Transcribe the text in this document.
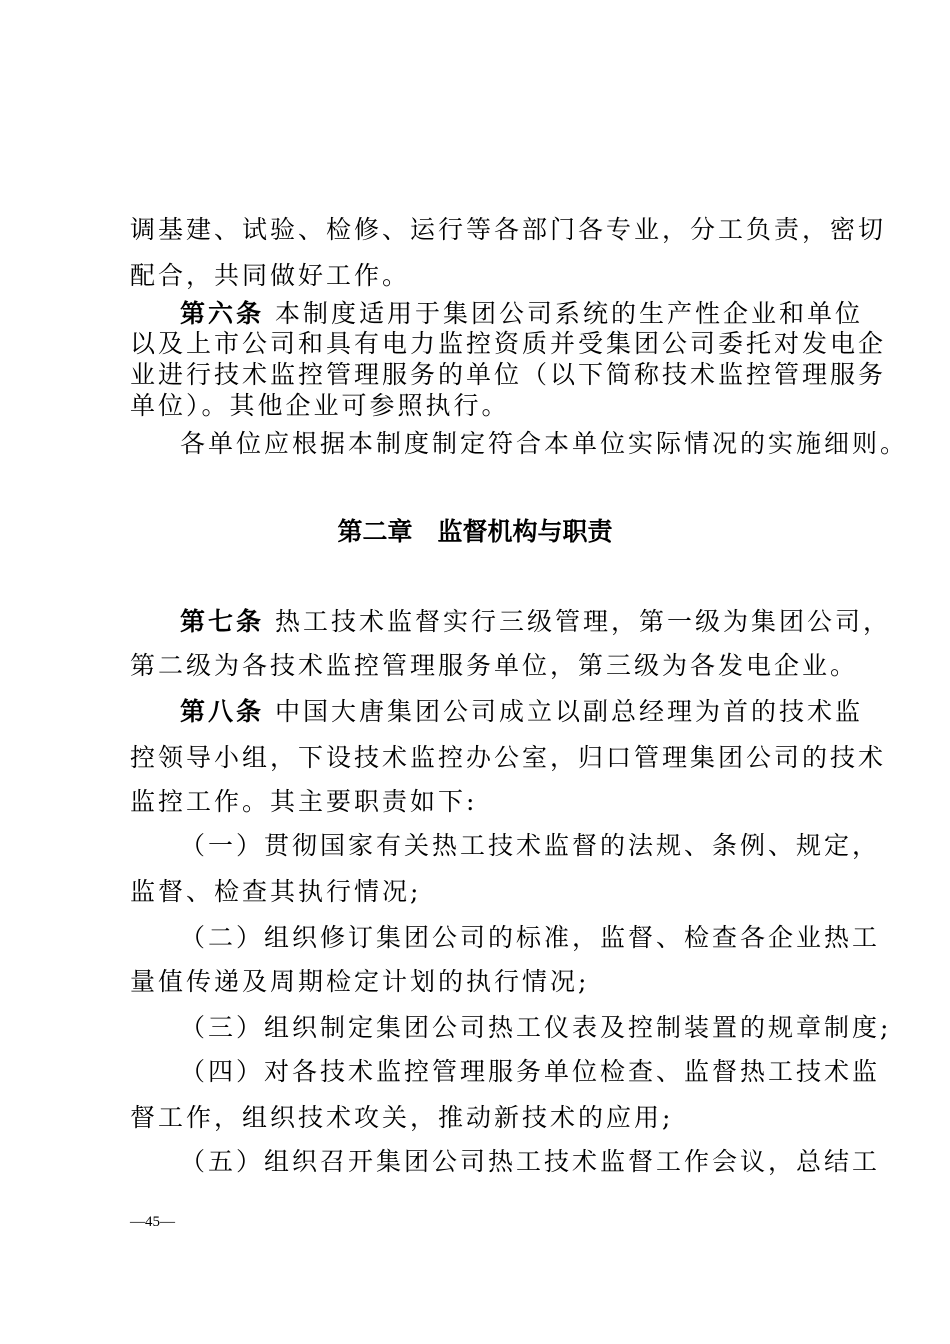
调基建、试验、检修、运行等各部门各专业，分工负责，密切
配合，共同做好工作。
第六条 本制度适用于集团公司系统的生产性企业和单位
以及上市公司和具有电力监控资质并受集团公司委托对发电企
业进行技术监控管理服务的单位（以下简称技术监控管理服务
单位）。其他企业可参照执行。
各单位应根据本制度制定符合本单位实际情况的实施细则。
第二章　监督机构与职责
第七条 热工技术监督实行三级管理，第一级为集团公司，
第二级为各技术监控管理服务单位，第三级为各发电企业。
第八条 中国大唐集团公司成立以副总经理为首的技术监
控领导小组，下设技术监控办公室，归口管理集团公司的技术
监控工作。其主要职责如下:
（一）贯彻国家有关热工技术监督的法规、条例、规定，
监督、检查其执行情况;
（二）组织修订集团公司的标准，监督、检查各企业热工
量值传递及周期检定计划的执行情况;
（三）组织制定集团公司热工仪表及控制装置的规章制度;
（四）对各技术监控管理服务单位检查、监督热工技术监
督工作，组织技术攻关，推动新技术的应用;
（五）组织召开集团公司热工技术监督工作会议，总结工
—45—
